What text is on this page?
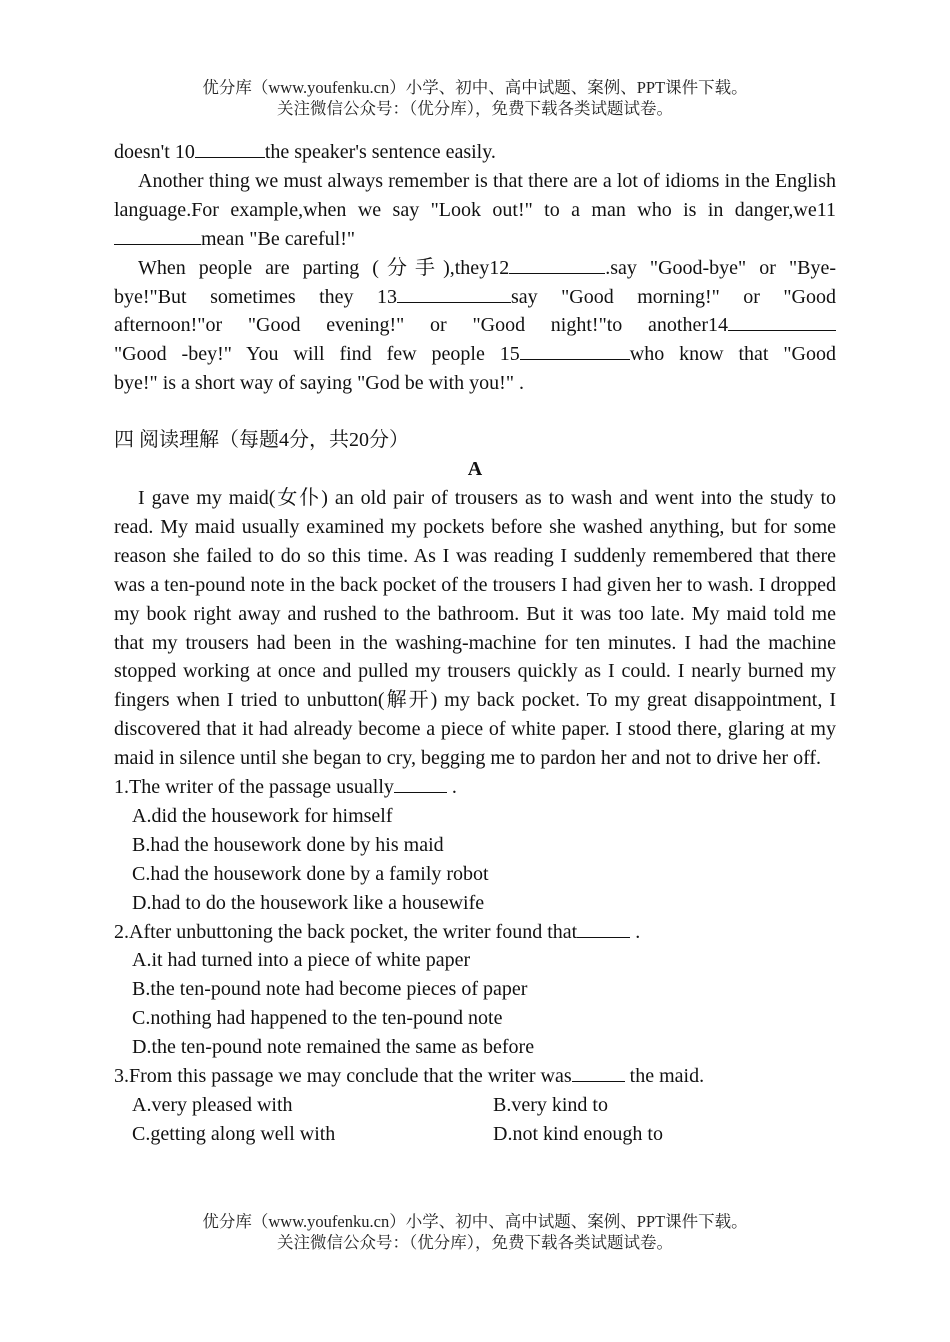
优分库（www.youfenku.cn）小学、初中、高中试题、案例、PPT课件下载。
关注微信公众号：（优分库），免费下载各类试题试卷。
doesn't 10	the speaker's sentence easily.
Another thing we must always remember is that there are a lot of idioms in the English language.For example,when we say "Look out!" to a man who is in danger,we11mean "Be careful!"
When people are parting (分手),they12	.say "Good-bye" or "Bye-
bye!"But sometimes they 13	say "Good morning!" or "Good
afternoon!"or "Good evening!" or "Good night!"to another14
"Good -bey!" You will find few people 15	who know that "Good
bye!" is a short way of saying "God be with you!" .
四 阅读理解（每题4分，共20分）
A
I gave my maid(女仆) an old pair of trousers as to wash and went into the study to read. My maid usually examined my pockets before she washed anything, but for some reason she failed to do so this time. As I was reading I suddenly remembered that there was a ten-pound note in the back pocket of the trousers I had given her to wash. I dropped my book right away and rushed to the bathroom. But it was too late. My maid told me that my trousers had been in the washing-machine for ten minutes. I had the machine stopped working at once and pulled my trousers quickly as I could. I nearly burned my fingers when I tried to unbutton(解开) my back pocket. To my great disappointment, I discovered that it had already become a piece of white paper. I stood there, glaring at my maid in silence until she began to cry, begging me to pardon her and not to drive her off.
1.The writer of the passage usually	.
A.did the housework for himself
B.had the housework done by his maid
C.had the housework done by a family robot
D.had to do the housework like a housewife
2.After unbuttoning the back pocket, the writer found that	.
A.it had turned into a piece of white paper
B.the ten-pound note had become pieces of paper
C.nothing had happened to the ten-pound note
D.the ten-pound note remained the same as before
3.From this passage we may conclude that the writer was	the maid.
A.very pleased with	B.very kind to
C.getting along well with	D.not kind enough to
优分库（www.youfenku.cn）小学、初中、高中试题、案例、PPT课件下载。
关注微信公众号：（优分库），免费下载各类试题试卷。
